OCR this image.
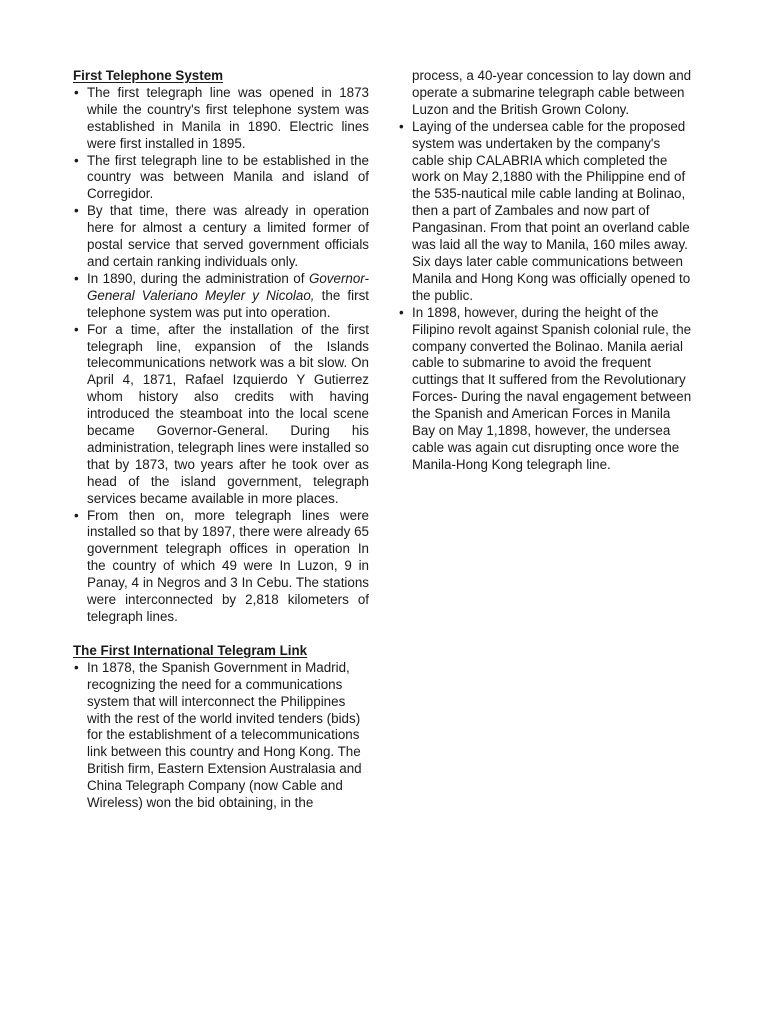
First Telephone System
• The first telegraph line was opened in 1873 while the country's first telephone system was established in Manila in 1890. Electric lines were first installed in 1895.
• The first telegraph line to be established in the country was between Manila and island of Corregidor.
• By that time, there was already in operation here for almost a century a limited former of postal service that served government officials and certain ranking individuals only.
• In 1890, during the administration of Governor-General Valeriano Meyler y Nicolao, the first telephone system was put into operation.
• For a time, after the installation of the first telegraph line, expansion of the Islands telecommunications network was a bit slow. On April 4, 1871, Rafael Izquierdo Y Gutierrez whom history also credits with having introduced the steamboat into the local scene became Governor-General. During his administration, telegraph lines were installed so that by 1873, two years after he took over as head of the island government, telegraph services became available in more places.
• From then on, more telegraph lines were installed so that by 1897, there were already 65 government telegraph offices in operation In the country of which 49 were In Luzon, 9 in Panay, 4 in Negros and 3 In Cebu. The stations were interconnected by 2,818 kilometers of telegraph lines.
The First International Telegram Link
• In 1878, the Spanish Government in Madrid, recognizing the need for a communications system that will interconnect the Philippines with the rest of the world invited tenders (bids) for the establishment of a telecommunications link between this country and Hong Kong. The British firm, Eastern Extension Australasia and China Telegraph Company (now Cable and Wireless) won the bid obtaining, in the
process, a 40-year concession to lay down and operate a submarine telegraph cable between Luzon and the British Grown Colony.
• Laying of the undersea cable for the proposed system was undertaken by the company's cable ship CALABRIA which completed the work on May 2,1880 with the Philippine end of the 535-nautical mile cable landing at Bolinao, then a part of Zambales and now part of Pangasinan. From that point an overland cable was laid all the way to Manila, 160 miles away. Six days later cable communications between Manila and Hong Kong was officially opened to the public.
• In 1898, however, during the height of the Filipino revolt against Spanish colonial rule, the company converted the Bolinao. Manila aerial cable to submarine to avoid the frequent cuttings that It suffered from the Revolutionary Forces- During the naval engagement between the Spanish and American Forces in Manila Bay on May 1,1898, however, the undersea cable was again cut disrupting once wore the Manila-Hong Kong telegraph line.
